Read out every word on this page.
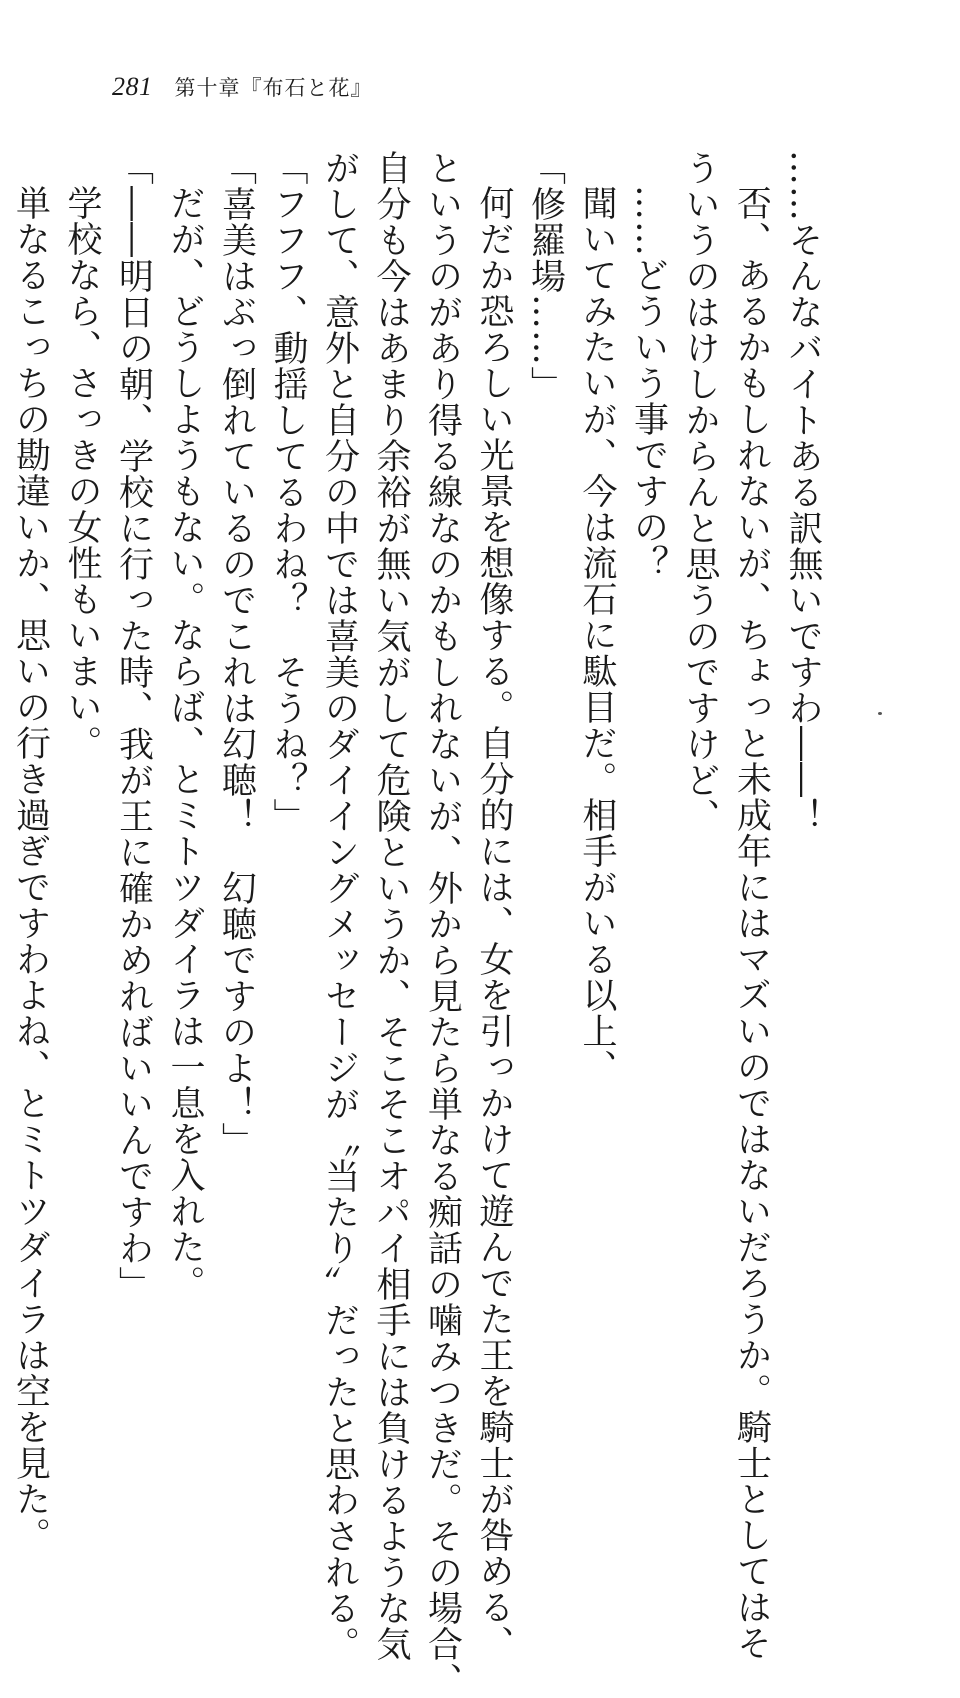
281 第十章『布石と花』
……そんなバイトある訳無いですわ――！
否、あるかもしれないが、ちょっと未成年にはマズいのではないだろうか。騎士としてはそ
ういうのはけしからんと思うのですけど、
……どういう事ですの？
聞いてみたいが、今は流石に駄目だ。相手がいる以上、
「修羅場……」
何だか恐ろしい光景を想像する。自分的には、女を引っかけて遊んでた王を騎士が咎める、
というのがあり得る線なのかもしれないが、外から見たら単なる痴話の噛みつきだ。その場合、
自分も今はあまり余裕が無い気がして危険というか、そこそこオパイ相手には負けるような気
がして、意外と自分の中では喜美のダイイングメッセージが〝当たり〟だったと思わされる。
「フフフ、動揺してるわね？　そうね？」
「喜美はぶっ倒れているのでこれは幻聴！　幻聴ですのよ！」
だが、どうしようもない。ならば、とミトツダイラは一息を入れた。
「――明日の朝、学校に行った時、我が王に確かめればいいんですわ」
学校なら、さっきの女性もいまい。
単なるこっちの勘違いか、思いの行き過ぎですわよね、とミトツダイラは空を見た。
